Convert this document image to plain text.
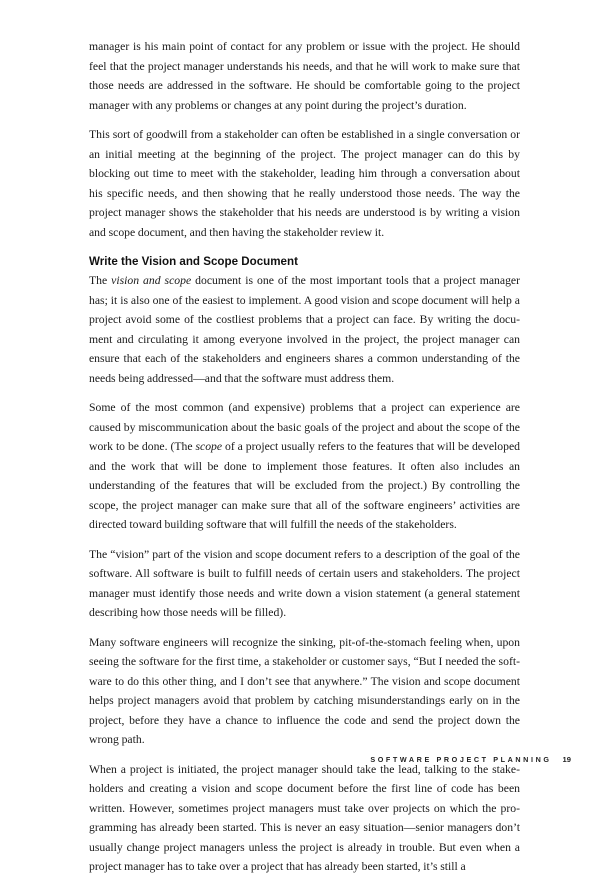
manager is his main point of contact for any problem or issue with the project. He should feel that the project manager understands his needs, and that he will work to make sure that those needs are addressed in the software. He should be comfortable going to the project manager with any problems or changes at any point during the project’s duration.

This sort of goodwill from a stakeholder can often be established in a single conversation or an initial meeting at the beginning of the project. The project manager can do this by blocking out time to meet with the stakeholder, leading him through a conversation about his specific needs, and then showing that he really understood those needs. The way the project manager shows the stakeholder that his needs are understood is by writing a vision and scope document, and then having the stakeholder review it.

Write the Vision and Scope Document

The vision and scope document is one of the most important tools that a project manager has; it is also one of the easiest to implement. A good vision and scope document will help a project avoid some of the costliest problems that a project can face. By writing the document and circulating it among everyone involved in the project, the project manager can ensure that each of the stakeholders and engineers shares a common understanding of the needs being addressed—and that the software must address them.

Some of the most common (and expensive) problems that a project can experience are caused by miscommunication about the basic goals of the project and about the scope of the work to be done. (The scope of a project usually refers to the features that will be developed and the work that will be done to implement those features. It often also includes an understanding of the features that will be excluded from the project.) By controlling the scope, the project manager can make sure that all of the software engineers’ activities are directed toward building software that will fulfill the needs of the stakeholders.

The “vision” part of the vision and scope document refers to a description of the goal of the software. All software is built to fulfill needs of certain users and stakeholders. The project manager must identify those needs and write down a vision statement (a general statement describing how those needs will be filled).

Many software engineers will recognize the sinking, pit-of-the-stomach feeling when, upon seeing the software for the first time, a stakeholder or customer says, “But I needed the software to do this other thing, and I don’t see that anywhere.” The vision and scope document helps project managers avoid that problem by catching misunderstandings early on in the project, before they have a chance to influence the code and send the project down the wrong path.

When a project is initiated, the project manager should take the lead, talking to the stakeholders and creating a vision and scope document before the first line of code has been written. However, sometimes project managers must take over projects on which the programming has already been started. This is never an easy situation—senior managers don’t usually change project managers unless the project is already in trouble. But even when a project manager has to take over a project that has already been started, it’s still a

SOFTWARE PROJECT PLANNING 19
